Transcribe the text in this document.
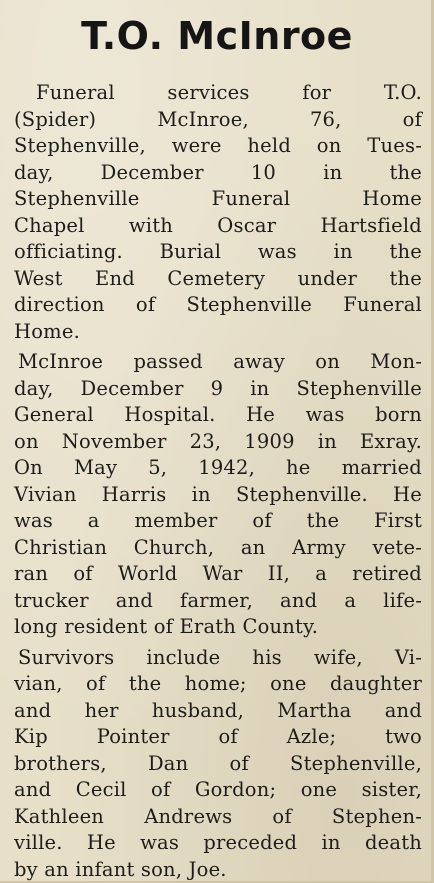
T.O. McInroe
Funeral services for T.O.
(Spider) McInroe, 76, of
Stephenville, were held on Tues-
day, December 10 in the
Stephenville Funeral Home
Chapel with Oscar Hartsfield
officiating. Burial was in the
West End Cemetery under the
direction of Stephenville Funeral
Home.
McInroe passed away on Mon-
day, December 9 in Stephenville
General Hospital. He was born
on November 23, 1909 in Exray.
On May 5, 1942, he married
Vivian Harris in Stephenville. He
was a member of the First
Christian Church, an Army vete-
ran of World War II, a retired
trucker and farmer, and a life-
long resident of Erath County.
Survivors include his wife, Vi-
vian, of the home; one daughter
and her husband, Martha and
Kip Pointer of Azle; two
brothers, Dan of Stephenville,
and Cecil of Gordon; one sister,
Kathleen Andrews of Stephen-
ville. He was preceded in death
by an infant son, Joe.
